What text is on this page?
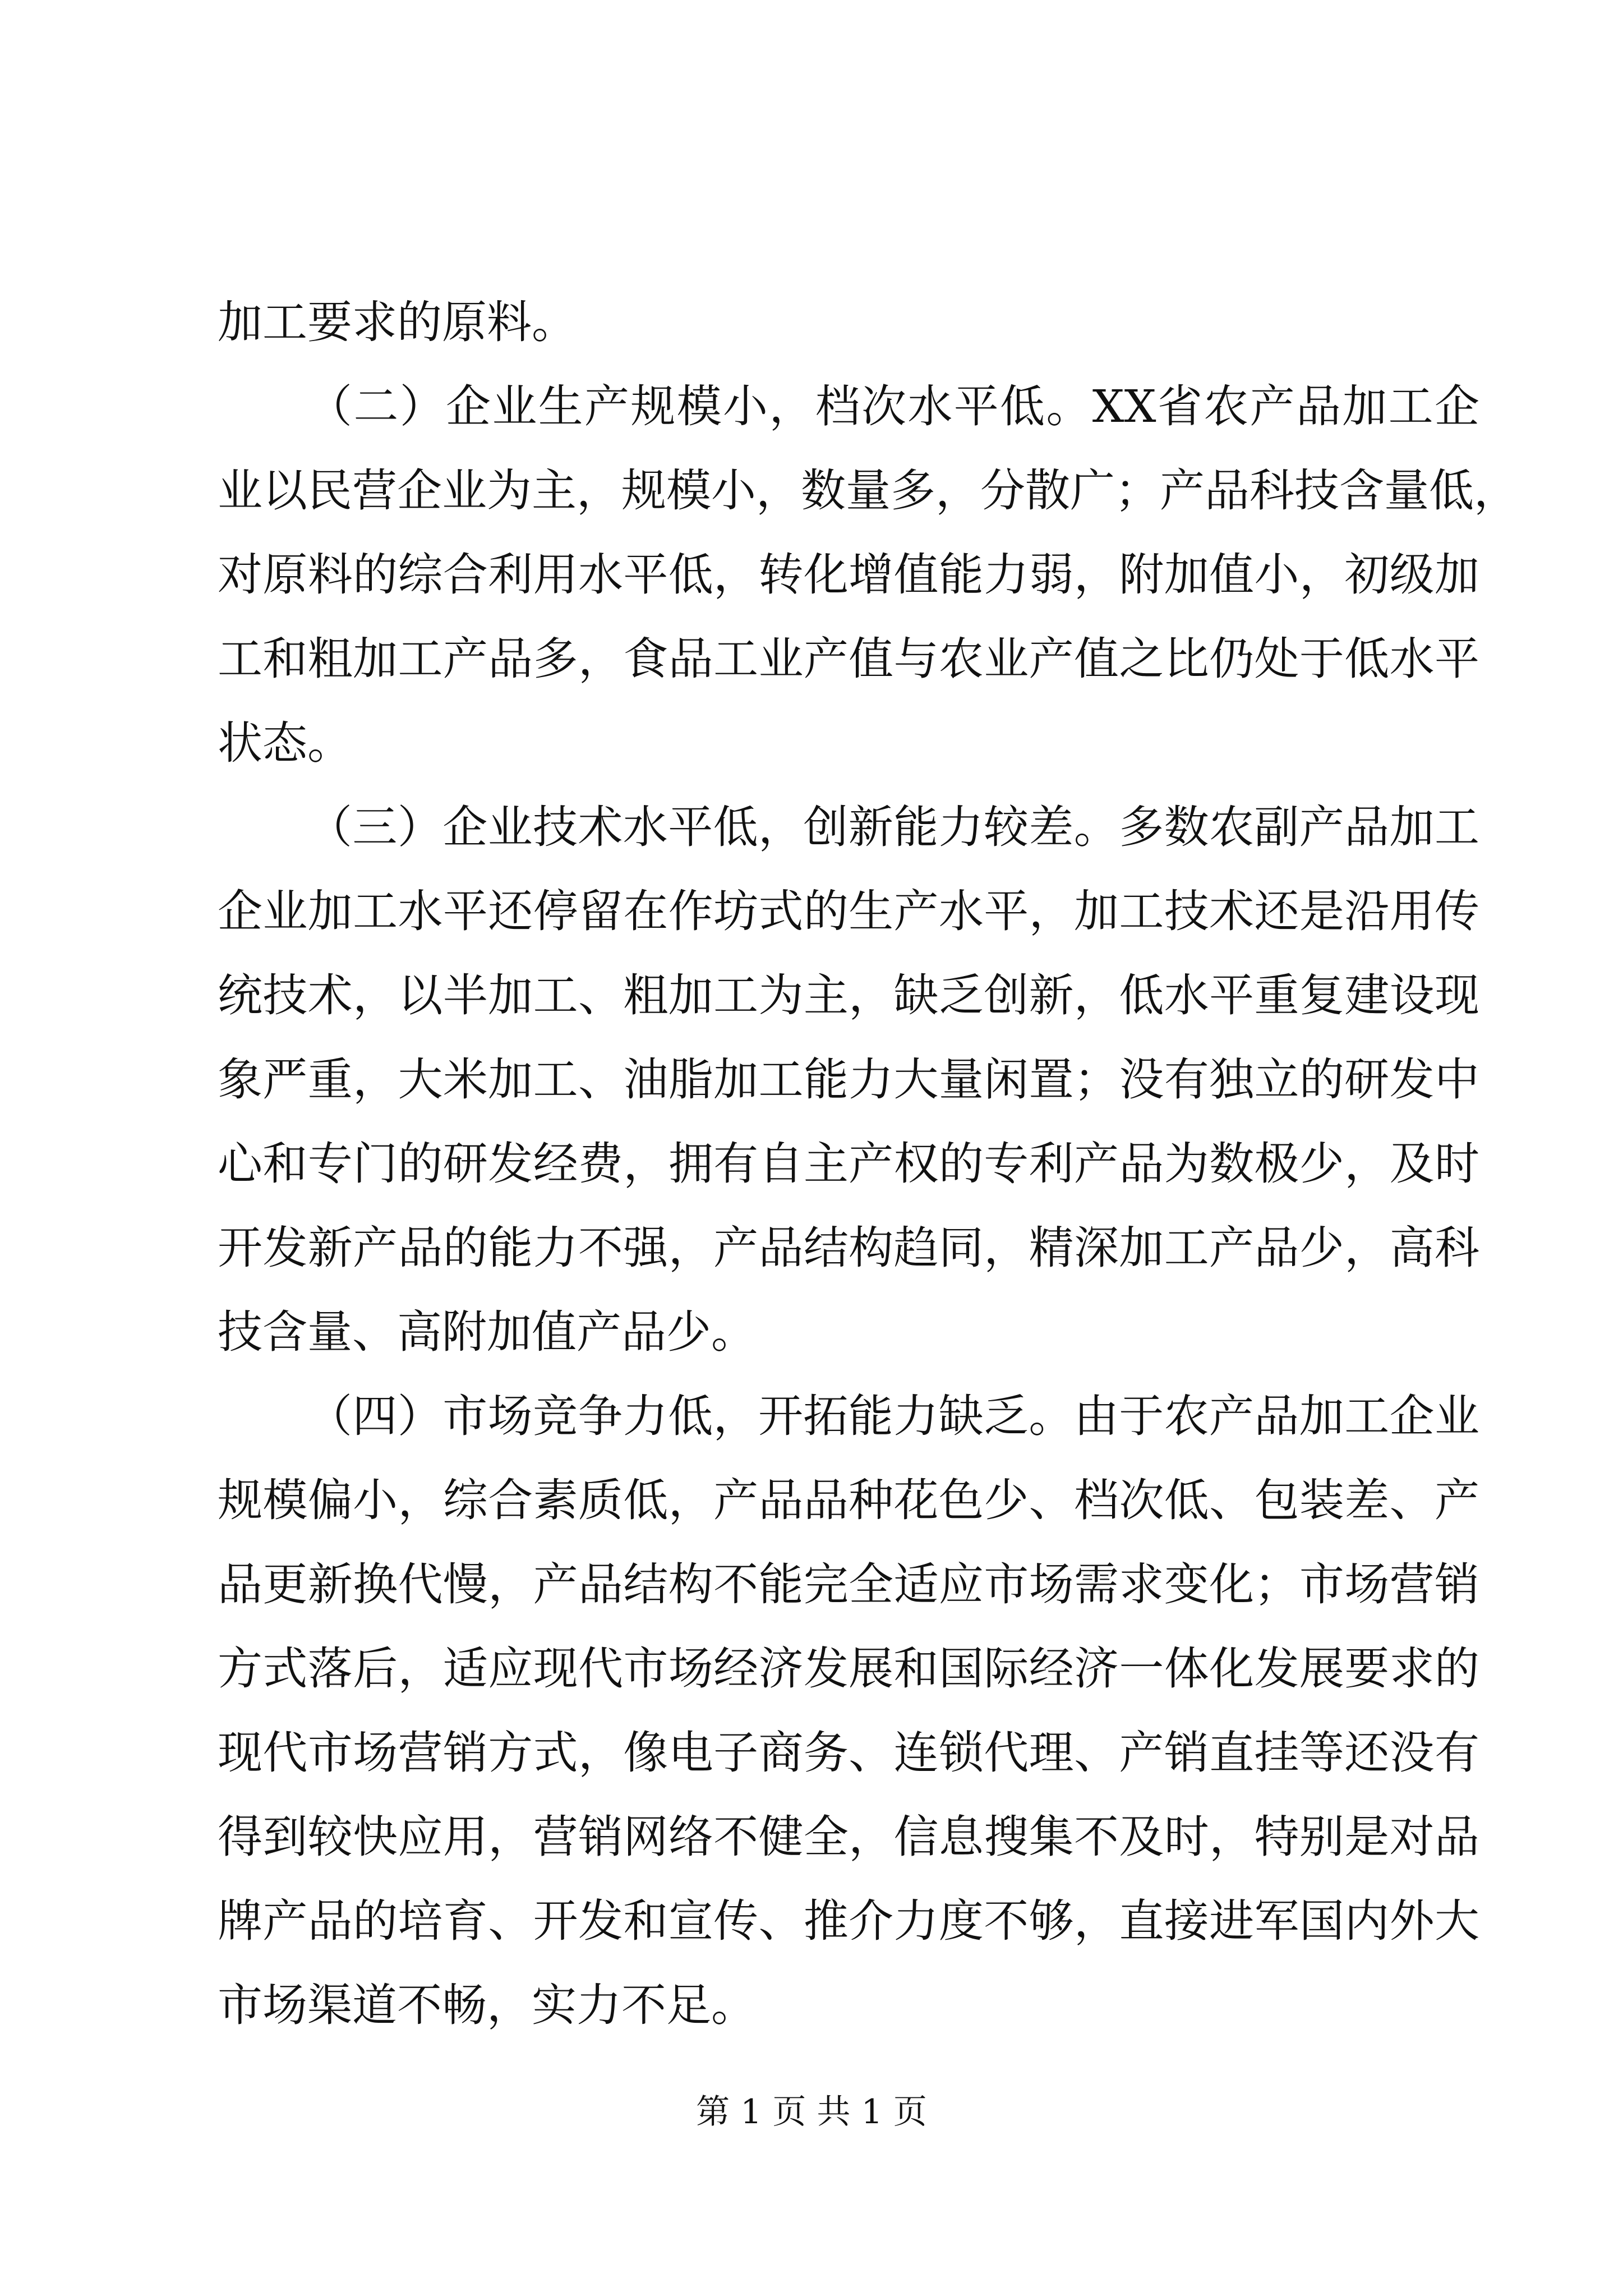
加工要求的原料。
（二）企业生产规模小，档次水平低。XX省农产品加工企
业以民营企业为主，规模小，数量多，分散广；产品科技含量低，
对原料的综合利用水平低，转化增值能力弱，附加值小，初级加
工和粗加工产品多，食品工业产值与农业产值之比仍处于低水平
状态。
（三）企业技术水平低，创新能力较差。多数农副产品加工
企业加工水平还停留在作坊式的生产水平，加工技术还是沿用传
统技术，以半加工、粗加工为主，缺乏创新，低水平重复建设现
象严重，大米加工、油脂加工能力大量闲置；没有独立的研发中
心和专门的研发经费，拥有自主产权的专利产品为数极少，及时
开发新产品的能力不强，产品结构趋同，精深加工产品少，高科
技含量、高附加值产品少。
（四）市场竞争力低，开拓能力缺乏。由于农产品加工企业
规模偏小，综合素质低，产品品种花色少、档次低、包装差、产
品更新换代慢，产品结构不能完全适应市场需求变化；市场营销
方式落后，适应现代市场经济发展和国际经济一体化发展要求的
现代市场营销方式，像电子商务、连锁代理、产销直挂等还没有
得到较快应用，营销网络不健全，信息搜集不及时，特别是对品
牌产品的培育、开发和宣传、推介力度不够，直接进军国内外大
市场渠道不畅，实力不足。
第 1 页 共 1 页
